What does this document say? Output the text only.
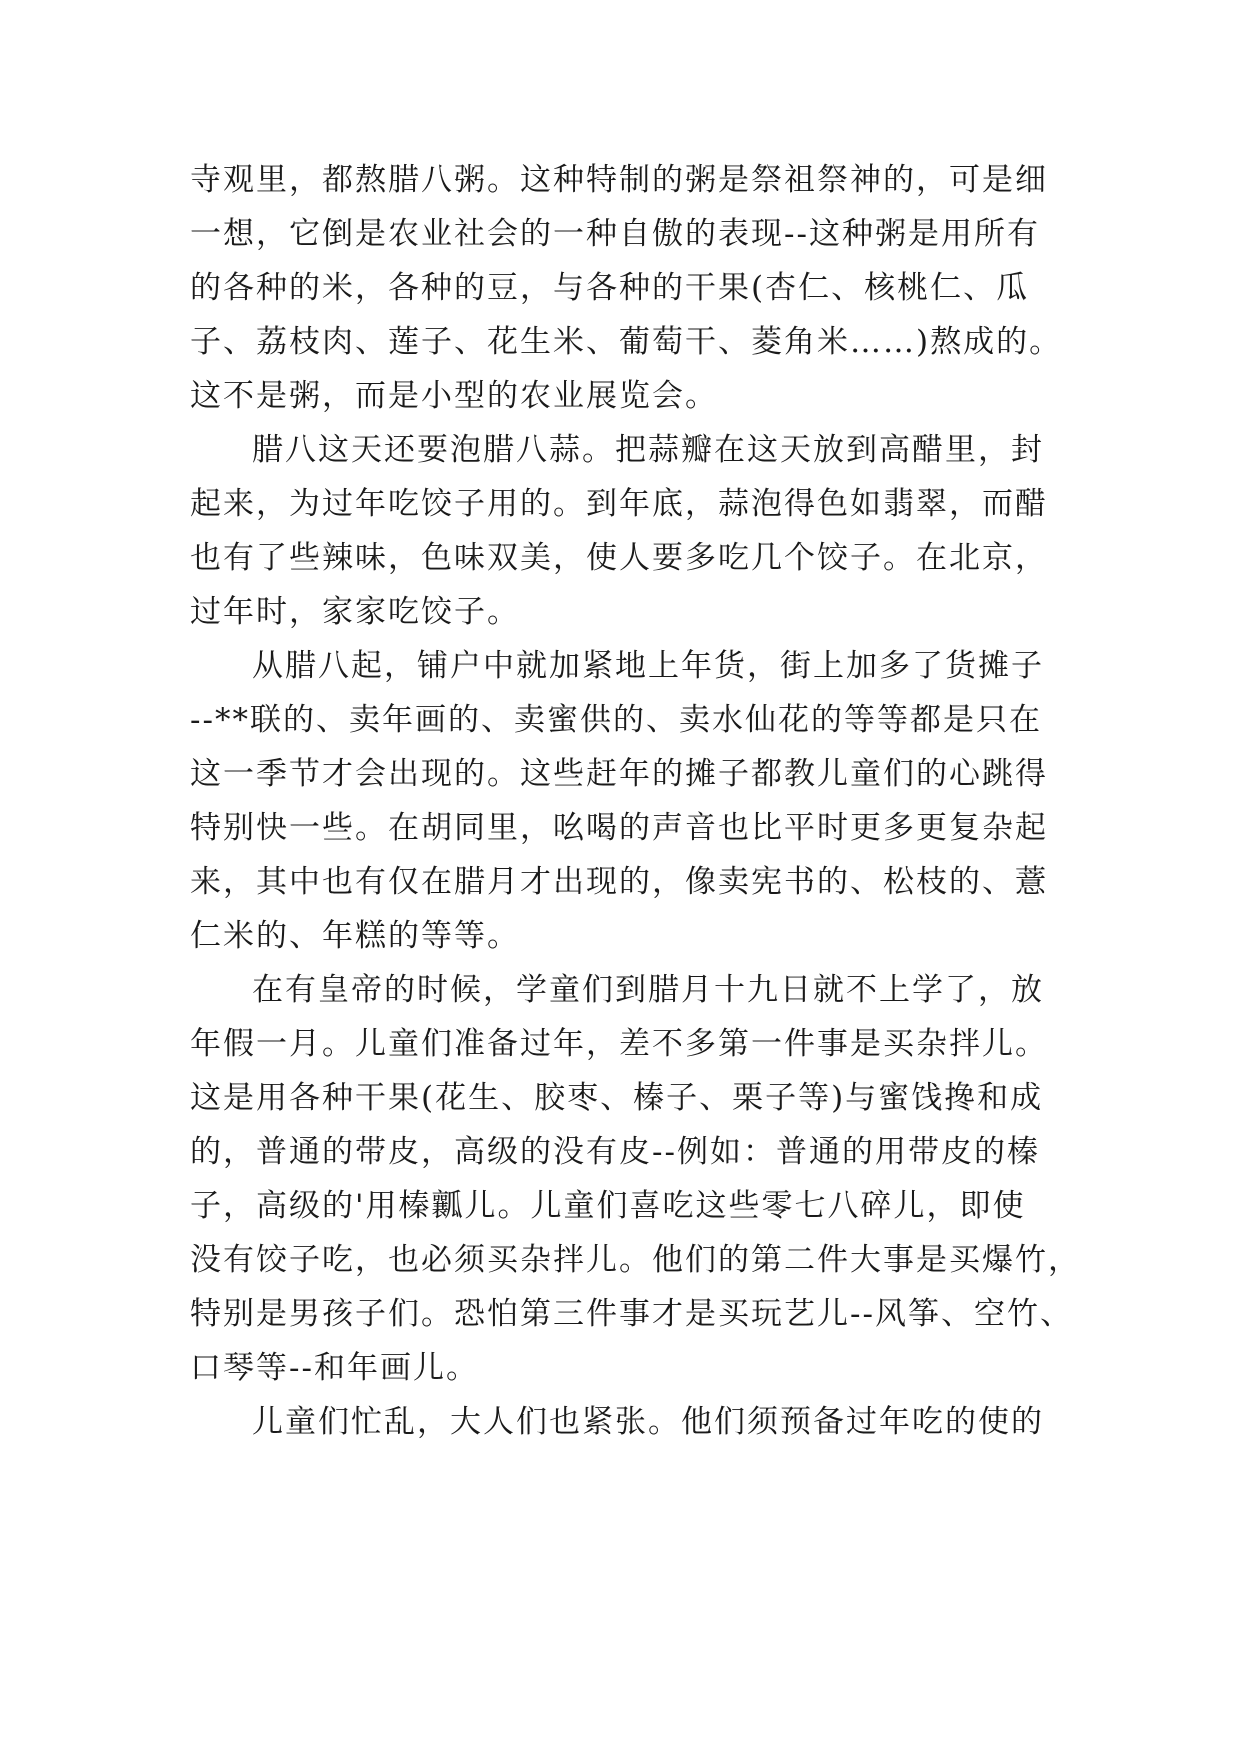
寺观里，都熬腊八粥。这种特制的粥是祭祖祭神的，可是细
一想，它倒是农业社会的一种自傲的表现--这种粥是用所有
的各种的米，各种的豆，与各种的干果(杏仁、核桃仁、瓜
子、荔枝肉、莲子、花生米、葡萄干、菱角米……)熬成的。
这不是粥，而是小型的农业展览会。
腊八这天还要泡腊八蒜。把蒜瓣在这天放到高醋里，封
起来，为过年吃饺子用的。到年底，蒜泡得色如翡翠，而醋
也有了些辣味，色味双美，使人要多吃几个饺子。在北京，
过年时，家家吃饺子。
从腊八起，铺户中就加紧地上年货，街上加多了货摊子
--**联的、卖年画的、卖蜜供的、卖水仙花的等等都是只在
这一季节才会出现的。这些赶年的摊子都教儿童们的心跳得
特别快一些。在胡同里，吆喝的声音也比平时更多更复杂起
来，其中也有仅在腊月才出现的，像卖宪书的、松枝的、薏
仁米的、年糕的等等。
在有皇帝的时候，学童们到腊月十九日就不上学了，放
年假一月。儿童们准备过年，差不多第一件事是买杂拌儿。
这是用各种干果(花生、胶枣、榛子、栗子等)与蜜饯搀和成
的，普通的带皮，高级的没有皮--例如：普通的用带皮的榛
子，高级的'用榛瓤儿。儿童们喜吃这些零七八碎儿，即使
没有饺子吃，也必须买杂拌儿。他们的第二件大事是买爆竹，
特别是男孩子们。恐怕第三件事才是买玩艺儿--风筝、空竹、
口琴等--和年画儿。
儿童们忙乱，大人们也紧张。他们须预备过年吃的使的
